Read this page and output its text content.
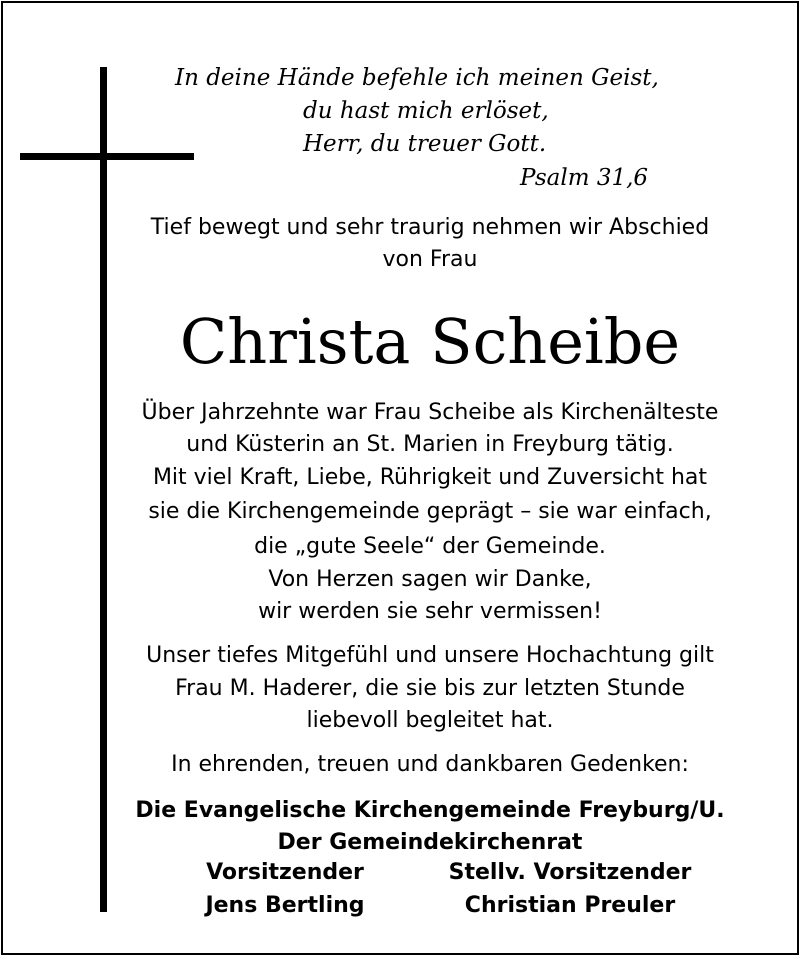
In deine Hände befehle ich meinen Geist,
du hast mich erlöset,
Herr, du treuer Gott.
Psalm 31,6
Tief bewegt und sehr traurig nehmen wir Abschied
von Frau
Christa Scheibe
Über Jahrzehnte war Frau Scheibe als Kirchenälteste
und Küsterin an St. Marien in Freyburg tätig.
Mit viel Kraft, Liebe, Rührigkeit und Zuversicht hat
sie die Kirchengemeinde geprägt – sie war einfach,
die „gute Seele“ der Gemeinde.
Von Herzen sagen wir Danke,
wir werden sie sehr vermissen!
Unser tiefes Mitgefühl und unsere Hochachtung gilt
Frau M. Haderer, die sie bis zur letzten Stunde
liebevoll begleitet hat.
In ehrenden, treuen und dankbaren Gedenken:
Die Evangelische Kirchengemeinde Freyburg/U.
Der Gemeindekirchenrat
Vorsitzender
Jens Bertling
Stellv. Vorsitzender
Christian Preuler
